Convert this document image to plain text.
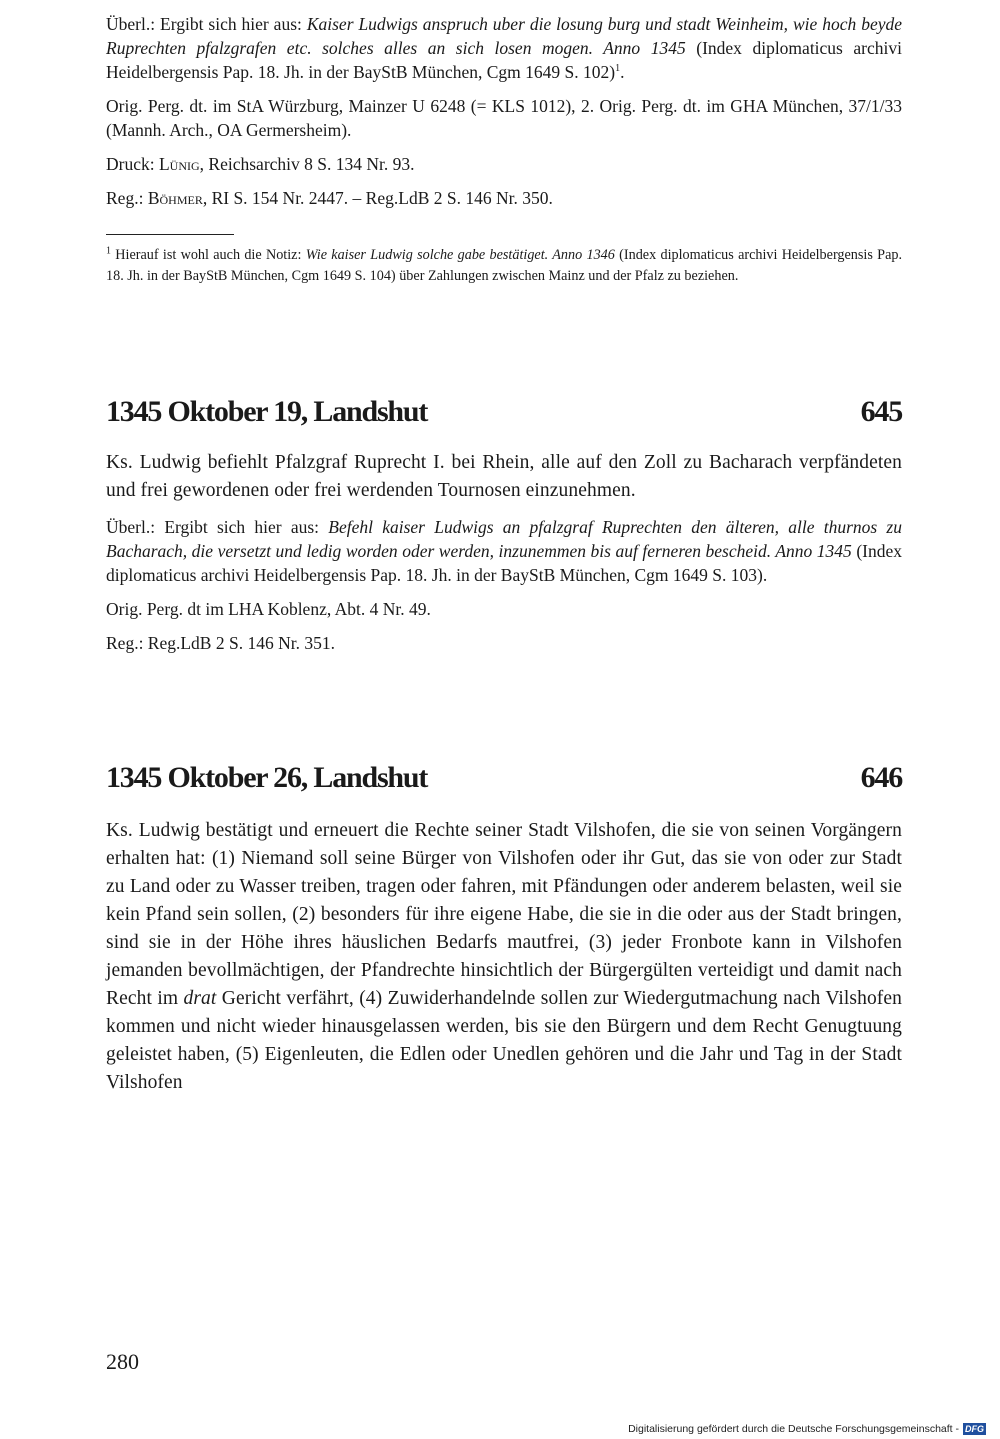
Überl.: Ergibt sich hier aus: Kaiser Ludwigs anspruch uber die losung burg und stadt Weinheim, wie hoch beyde Ruprechten pfalzgrafen etc. solches alles an sich losen mogen. Anno 1345 (Index diplomaticus archivi Heidelbergensis Pap. 18. Jh. in der BayStB München, Cgm 1649 S. 102)$^1$.

Orig. Perg. dt. im StA Würzburg, Mainzer U 6248 (= KLS 1012), 2. Orig. Perg. dt. im GHA München, 37/1/33 (Mannh. Arch., OA Germersheim).

Druck: Lünig, Reichsarchiv 8 S. 134 Nr. 93.

Reg.: Böhmer, RI S. 154 Nr. 2447. – Reg.LdB 2 S. 146 Nr. 350.

$^1$ Hierauf ist wohl auch die Notiz: Wie kaiser Ludwig solche gabe bestätiget. Anno 1346 (Index diplomaticus archivi Heidelbergensis Pap. 18. Jh. in der BayStB München, Cgm 1649 S. 104) über Zahlungen zwischen Mainz und der Pfalz zu beziehen.

1345 Oktober 19, Landshut	645

Ks. Ludwig befiehlt Pfalzgraf Ruprecht I. bei Rhein, alle auf den Zoll zu Bacharach verpfändeten und frei gewordenen oder frei werdenden Tournosen einzunehmen.

Überl.: Ergibt sich hier aus: Befehl kaiser Ludwigs an pfalzgraf Ruprechten den älteren, alle thurnos zu Bacharach, die versetzt und ledig worden oder werden, inzunemmen bis auf ferneren bescheid. Anno 1345 (Index diplomaticus archivi Heidelbergensis Pap. 18. Jh. in der BayStB München, Cgm 1649 S. 103).

Orig. Perg. dt im LHA Koblenz, Abt. 4 Nr. 49.

Reg.: Reg.LdB 2 S. 146 Nr. 351.

1345 Oktober 26, Landshut	646

Ks. Ludwig bestätigt und erneuert die Rechte seiner Stadt Vilshofen, die sie von seinen Vorgängern erhalten hat: (1) Niemand soll seine Bürger von Vilshofen oder ihr Gut, das sie von oder zur Stadt zu Land oder zu Wasser treiben, tragen oder fahren, mit Pfändungen oder anderem belasten, weil sie kein Pfand sein sollen, (2) besonders für ihre eigene Habe, die sie in die oder aus der Stadt bringen, sind sie in der Höhe ihres häuslichen Bedarfs mautfrei, (3) jeder Fronbote kann in Vilshofen jemanden bevollmächtigen, der Pfandrechte hinsichtlich der Bürgergülten verteidigt und damit nach Recht im drat Gericht verfährt, (4) Zuwiderhandelnde sollen zur Wiedergutmachung nach Vilshofen kommen und nicht wieder hinausgelassen werden, bis sie den Bürgern und dem Recht Genugtuung geleistet haben, (5) Eigenleuten, die Edlen oder Unedlen gehören und die Jahr und Tag in der Stadt Vilshofen

280
Digitalisierung gefördert durch die Deutsche Forschungsgemeinschaft - DFG
